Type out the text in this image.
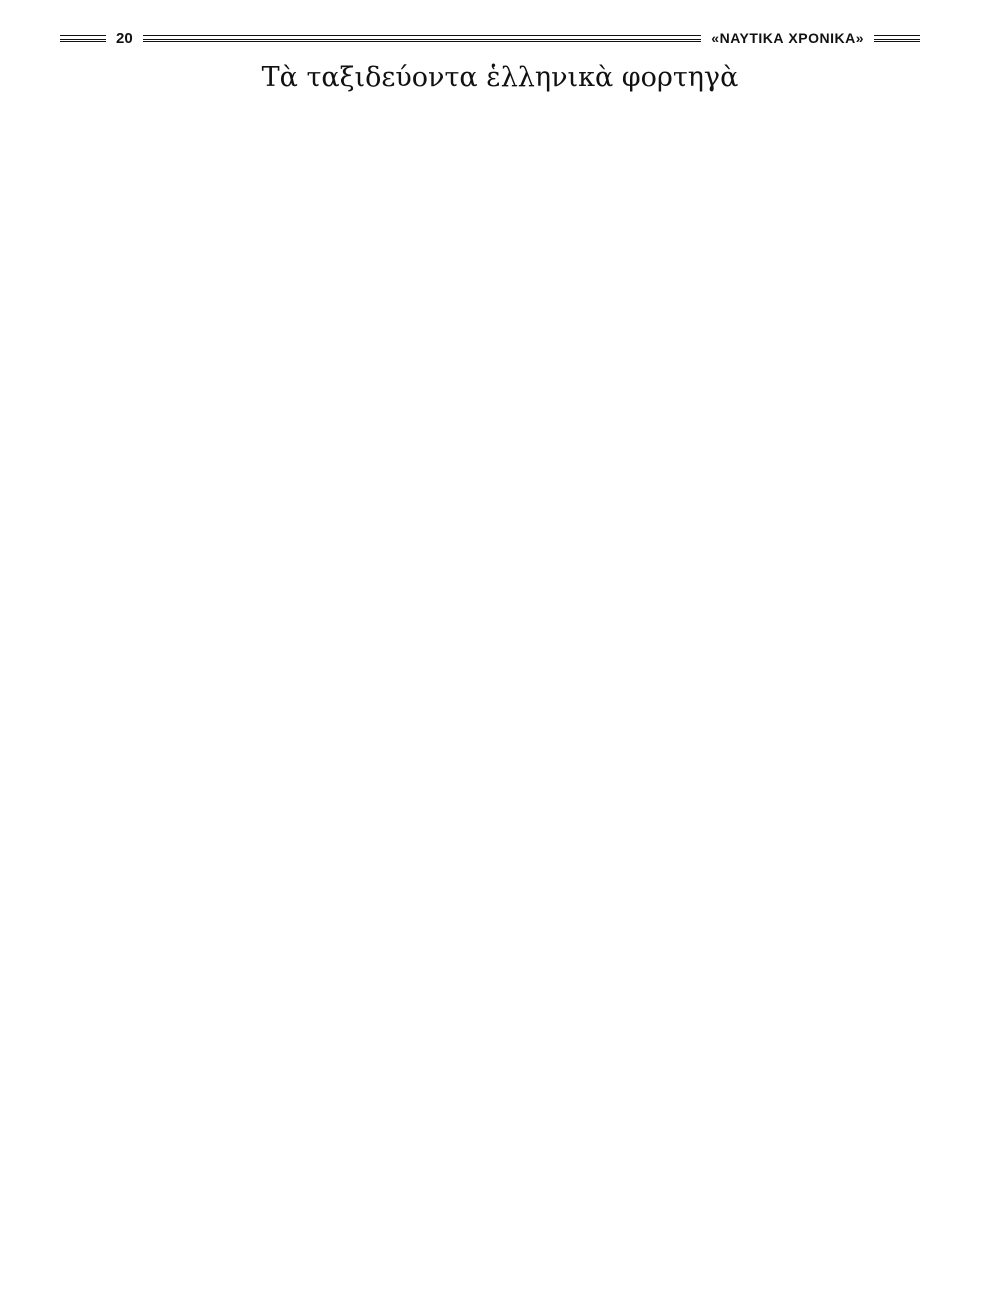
20	«ΝΑΥΤΙΚΑ ΧΡΟΝΙΚΑ»
Τὰ ταξιδεύοντα ἑλληνικὰ φορτηγὰ
